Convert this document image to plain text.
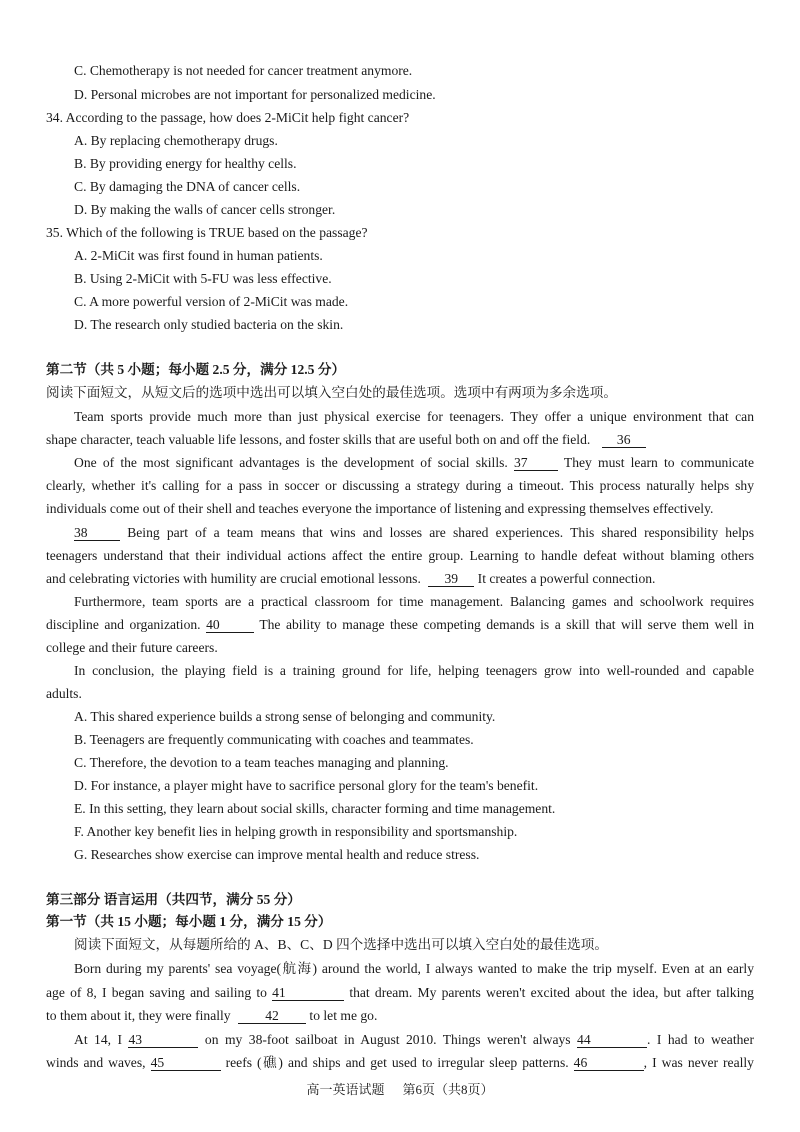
C. Chemotherapy is not needed for cancer treatment anymore.
D. Personal microbes are not important for personalized medicine.
34. According to the passage, how does 2-MiCit help fight cancer?
A. By replacing chemotherapy drugs.
B. By providing energy for healthy cells.
C. By damaging the DNA of cancer cells.
D. By making the walls of cancer cells stronger.
35. Which of the following is TRUE based on the passage?
A. 2-MiCit was first found in human patients.
B. Using 2-MiCit with 5-FU was less effective.
C. A more powerful version of 2-MiCit was made.
D. The research only studied bacteria on the skin.
第二节（共 5 小题；每小题 2.5 分，满分 12.5 分）
阅读下面短文，从短文后的选项中选出可以填入空白处的最佳选项。选项中有两项为多余选项。
Team sports provide much more than just physical exercise for teenagers. They offer a unique environment that can
shape character, teach valuable life lessons, and foster skills that are useful both on and off the field. 36
One of the most significant advantages is the development of social skills. 37	They must learn to communicate
clearly, whether it's calling for a pass in soccer or discussing a strategy during a timeout. This process naturally helps shy
individuals come out of their shell and teaches everyone the importance of listening and expressing themselves effectively.
38	Being part of a team means that wins and losses are shared experiences. This shared responsibility helps
teenagers understand that their individual actions affect the entire group. Learning to handle defeat without blaming others
and celebrating victories with humility are crucial emotional lessons. 39 It creates a powerful connection.
Furthermore, team sports are a practical classroom for time management. Balancing games and schoolwork requires
discipline and organization. 40	The ability to manage these competing demands is a skill that will serve them well in
college and their future careers.
In conclusion, the playing field is a training ground for life, helping teenagers grow into well-rounded and capable
adults.
A. This shared experience builds a strong sense of belonging and community.
B. Teenagers are frequently communicating with coaches and teammates.
C. Therefore, the devotion to a team teaches managing and planning.
D. For instance, a player might have to sacrifice personal glory for the team's benefit.
E. In this setting, they learn about social skills, character forming and time management.
F. Another key benefit lies in helping growth in responsibility and sportsmanship.
G. Researches show exercise can improve mental health and reduce stress.
第三部分 语言运用（共四节，满分 55 分）
第一节（共 15 小题；每小题 1 分，满分 15 分）
阅读下面短文，从每题所给的 A、B、C、D 四个选择中选出可以填入空白处的最佳选项。
Born during my parents' sea voyage(航海) around the world, I always wanted to make the trip myself. Even at an early
age of 8, I began saving and sailing to 41	that dream. My parents weren't excited about the idea, but after talking
to them about it, they were finally	42 to let me go.
At 14, I 43	on my 38-foot sailboat in August 2010. Things weren't always 44	. I had to weather
winds and waves, 45	reefs (礁) and ships and get used to irregular sleep patterns. 46	, I was never really
高一英语试题 第6页（共8页）
